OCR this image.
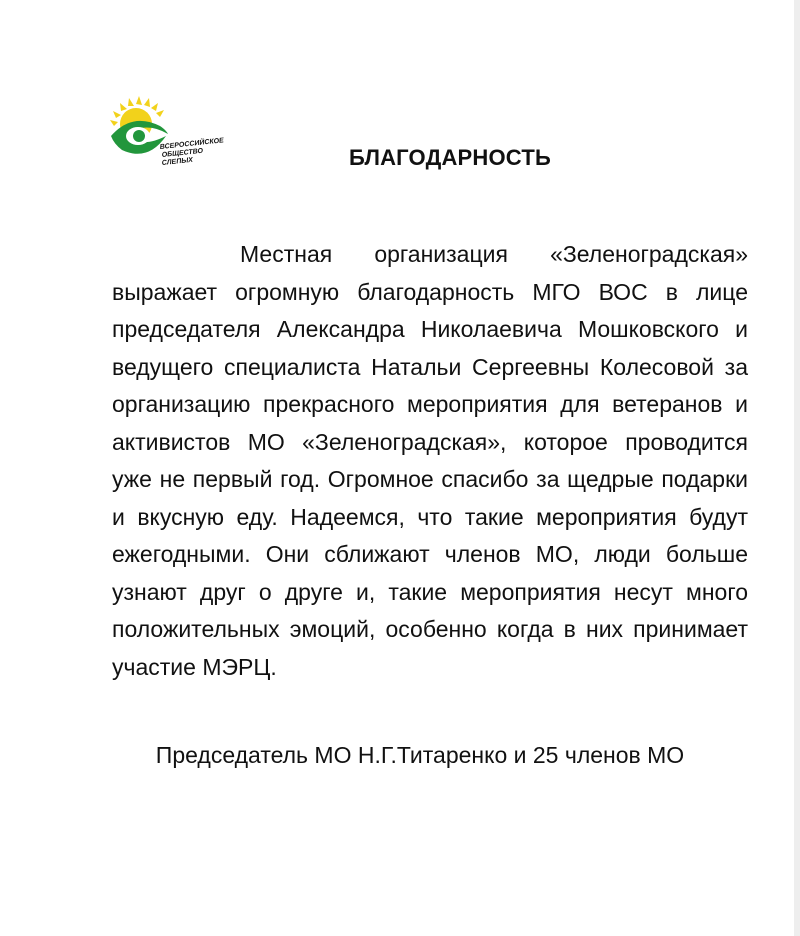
ВСЕРОССИЙСКОЕ
ОБЩЕСТВО
СЛЕПЫХ	БЛАГОДАРНОСТЬ

Местная организация «Зеленоградская» выражает огромную благодарность МГО ВОС в лице председателя Александра Николаевича Мошковского и ведущего специалиста Натальи Сергеевны Колесовой за организацию прекрасного мероприятия для ветеранов и активистов МО «Зеленоградская», которое проводится уже не первый год. Огромное спасибо за щедрые подарки и вкусную еду. Надеемся, что такие мероприятия будут ежегодными. Они сближают членов МО, люди больше узнают друг о друге и, такие мероприятия несут много положительных эмоций, особенно когда в них принимает участие МЭРЦ.

Председатель МО Н.Г.Титаренко и 25 членов МО
